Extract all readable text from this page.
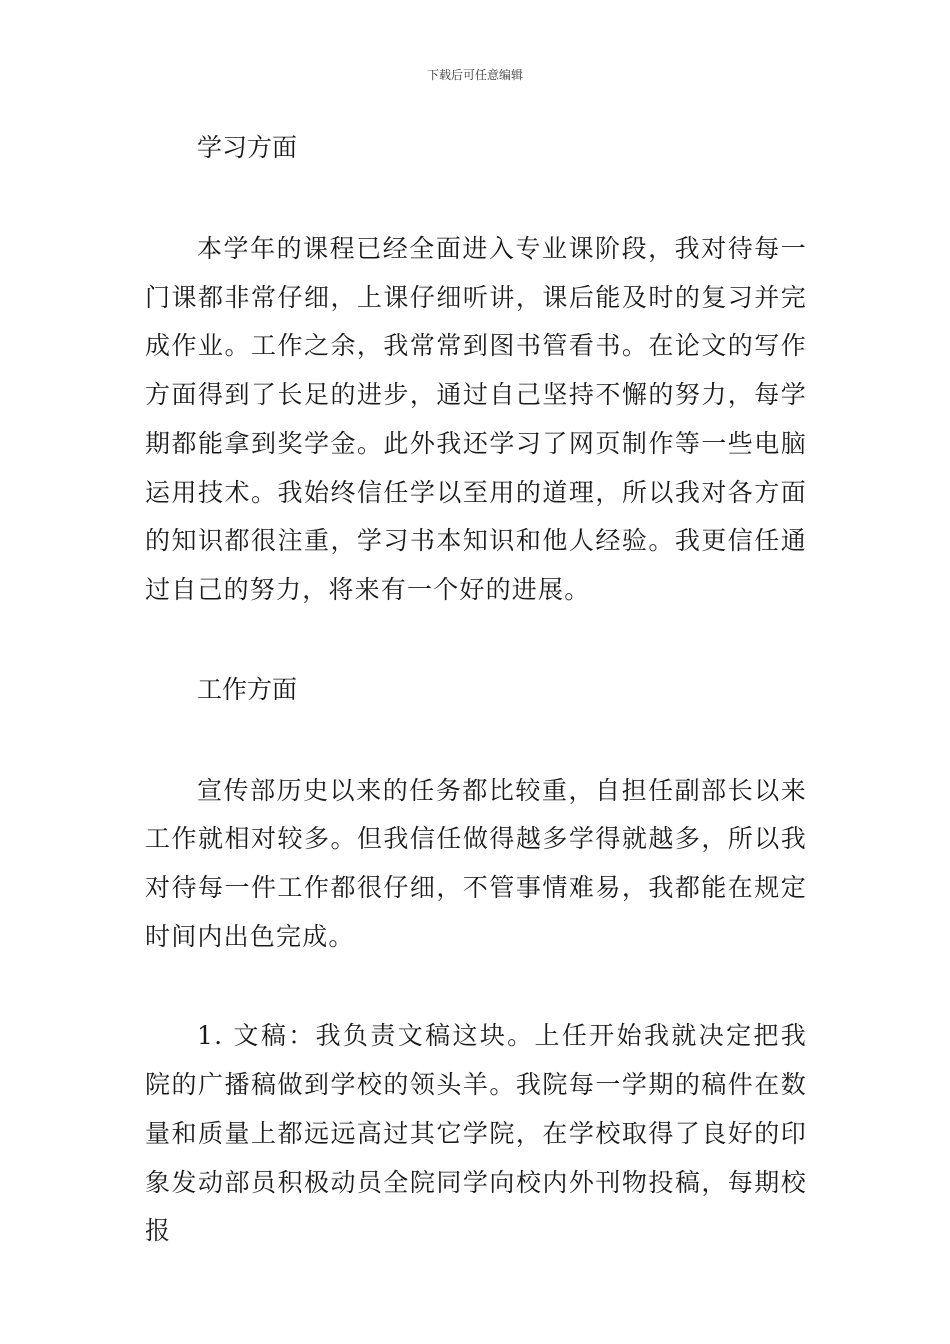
下载后可任意编辑

学习方面

本学年的课程已经全面进入专业课阶段，我对待每一门课都非常仔细，上课仔细听讲，课后能及时的复习并完成作业。工作之余，我常常到图书管看书。在论文的写作方面得到了长足的进步，通过自己坚持不懈的努力，每学期都能拿到奖学金。此外我还学习了网页制作等一些电脑运用技术。我始终信任学以至用的道理，所以我对各方面的知识都很注重，学习书本知识和他人经验。我更信任通过自己的努力，将来有一个好的进展。

工作方面

宣传部历史以来的任务都比较重，自担任副部长以来工作就相对较多。但我信任做得越多学得就越多，所以我对待每一件工作都很仔细，不管事情难易，我都能在规定时间内出色完成。

1. 文稿：我负责文稿这块。上任开始我就决定把我院的广播稿做到学校的领头羊。我院每一学期的稿件在数量和质量上都远远高过其它学院，在学校取得了良好的印象发动部员积极动员全院同学向校内外刊物投稿，每期校报
